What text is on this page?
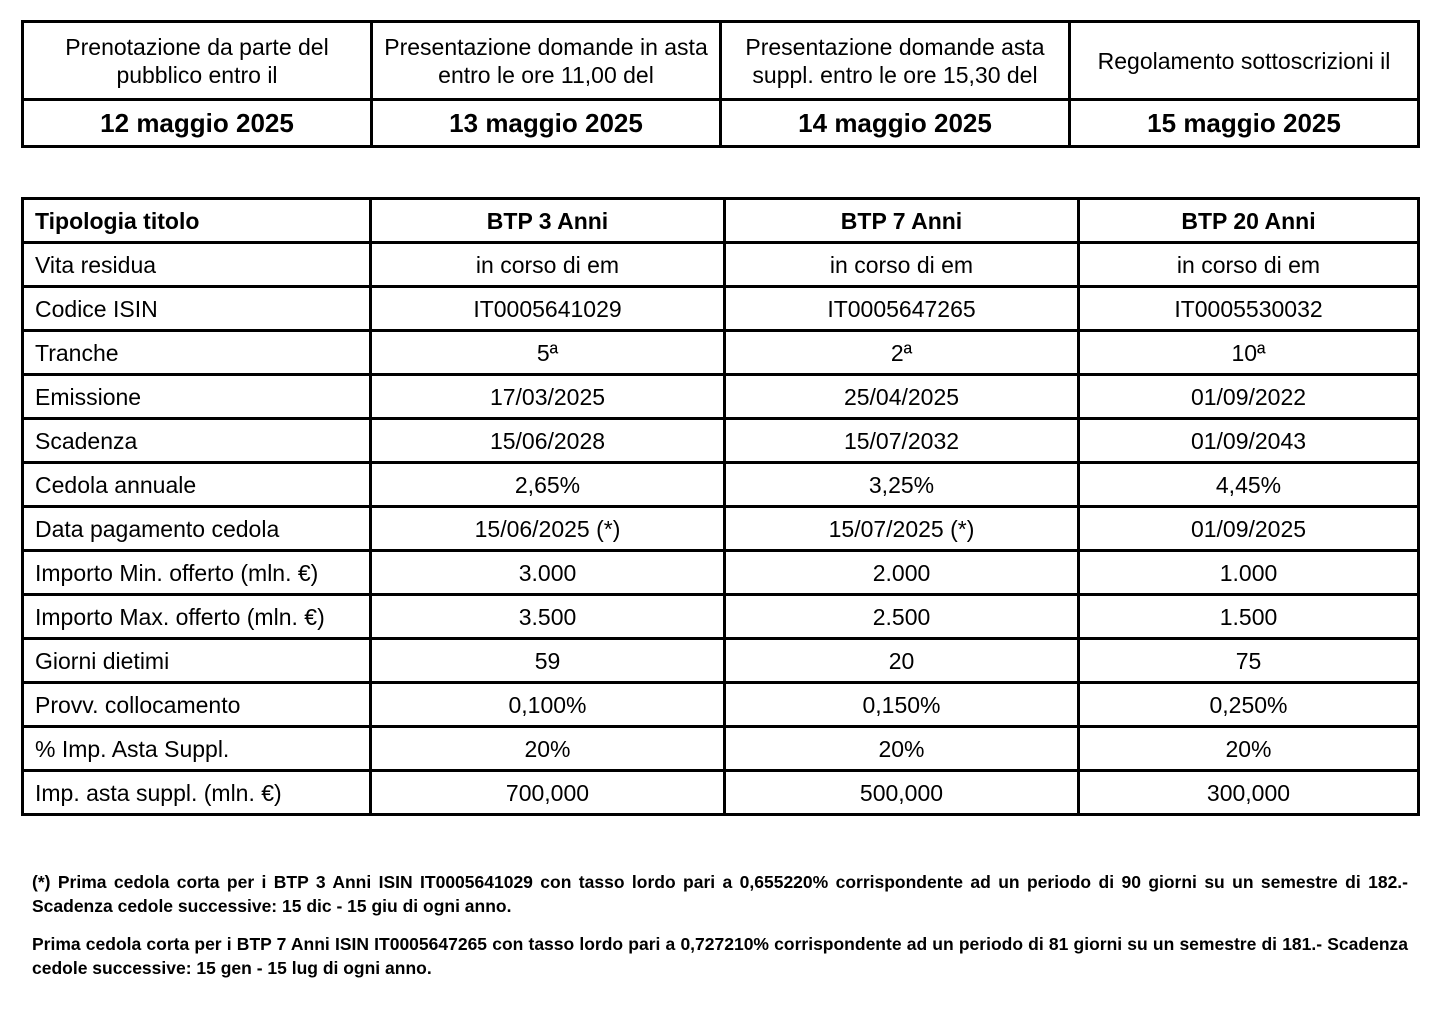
Prenotazione da parte del pubblico entro il	Presentazione domande in asta entro le ore 11,00 del	Presentazione domande asta suppl. entro le ore 15,30 del	Regolamento sottoscrizioni il
12 maggio 2025	13 maggio 2025	14 maggio 2025	15 maggio 2025
Tipologia titolo	BTP 3 Anni	BTP 7 Anni	BTP 20 Anni
Vita residua	in corso di em	in corso di em	in corso di em
Codice ISIN	IT0005641029	IT0005647265	IT0005530032
Tranche	5ª	2ª	10ª
Emissione	17/03/2025	25/04/2025	01/09/2022
Scadenza	15/06/2028	15/07/2032	01/09/2043
Cedola annuale	2,65%	3,25%	4,45%
Data pagamento cedola	15/06/2025 (*)	15/07/2025 (*)	01/09/2025
Importo Min. offerto (mln. €)	3.000	2.000	1.000
Importo Max. offerto (mln. €)	3.500	2.500	1.500
Giorni dietimi	59	20	75
Provv. collocamento	0,100%	0,150%	0,250%
% Imp. Asta Suppl.	20%	20%	20%
Imp. asta suppl. (mln. €)	700,000	500,000	300,000
(*) Prima cedola corta per i BTP 3 Anni ISIN IT0005641029 con tasso lordo pari a 0,655220% corrispondente ad un periodo di 90 giorni su un semestre di 182.- Scadenza cedole successive: 15 dic - 15 giu di ogni anno.
Prima cedola corta per i BTP 7 Anni ISIN IT0005647265 con tasso lordo pari a 0,727210% corrispondente ad un periodo di 81 giorni su un semestre di 181.- Scadenza cedole successive: 15 gen - 15 lug di ogni anno.
